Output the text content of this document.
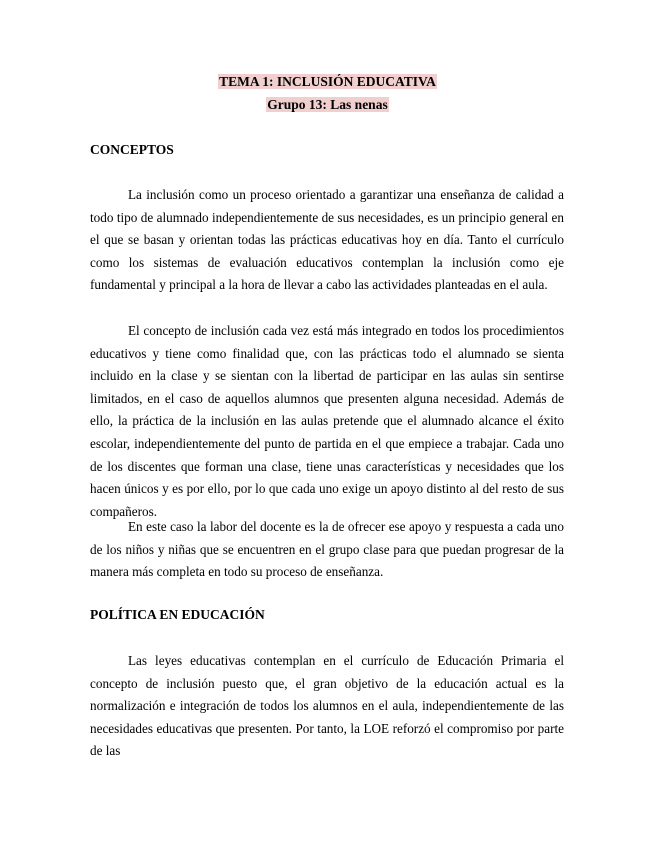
TEMA 1: INCLUSIÓN EDUCATIVA
Grupo 13: Las nenas
CONCEPTOS

La inclusión como un proceso orientado a garantizar una enseñanza de calidad a todo tipo de alumnado independientemente de sus necesidades, es un principio general en el que se basan y orientan todas las prácticas educativas hoy en día. Tanto el currículo como los sistemas de evaluación educativos contemplan la inclusión como eje fundamental y principal a la hora de llevar a cabo las actividades planteadas en el aula.

El concepto de inclusión cada vez está más integrado en todos los procedimientos educativos y tiene como finalidad que, con las prácticas todo el alumnado se sienta incluido en la clase y se sientan con la libertad de participar en las aulas sin sentirse limitados, en el caso de aquellos alumnos que presenten alguna necesidad. Además de ello, la práctica de la inclusión en las aulas pretende que el alumnado alcance el éxito escolar, independientemente del punto de partida en el que empiece a trabajar. Cada uno de los discentes que forman una clase, tiene unas características y necesidades que los hacen únicos y es por ello, por lo que cada uno exige un apoyo distinto al del resto de sus compañeros.

En este caso la labor del docente es la de ofrecer ese apoyo y respuesta a cada uno de los niños y niñas que se encuentren en el grupo clase para que puedan progresar de la manera más completa en todo su proceso de enseñanza.

POLÍTICA EN EDUCACIÓN

Las leyes educativas contemplan en el currículo de Educación Primaria el concepto de inclusión puesto que, el gran objetivo de la educación actual es la normalización e integración de todos los alumnos en el aula, independientemente de las necesidades educativas que presenten. Por tanto, la LOE reforzó el compromiso por parte de las
